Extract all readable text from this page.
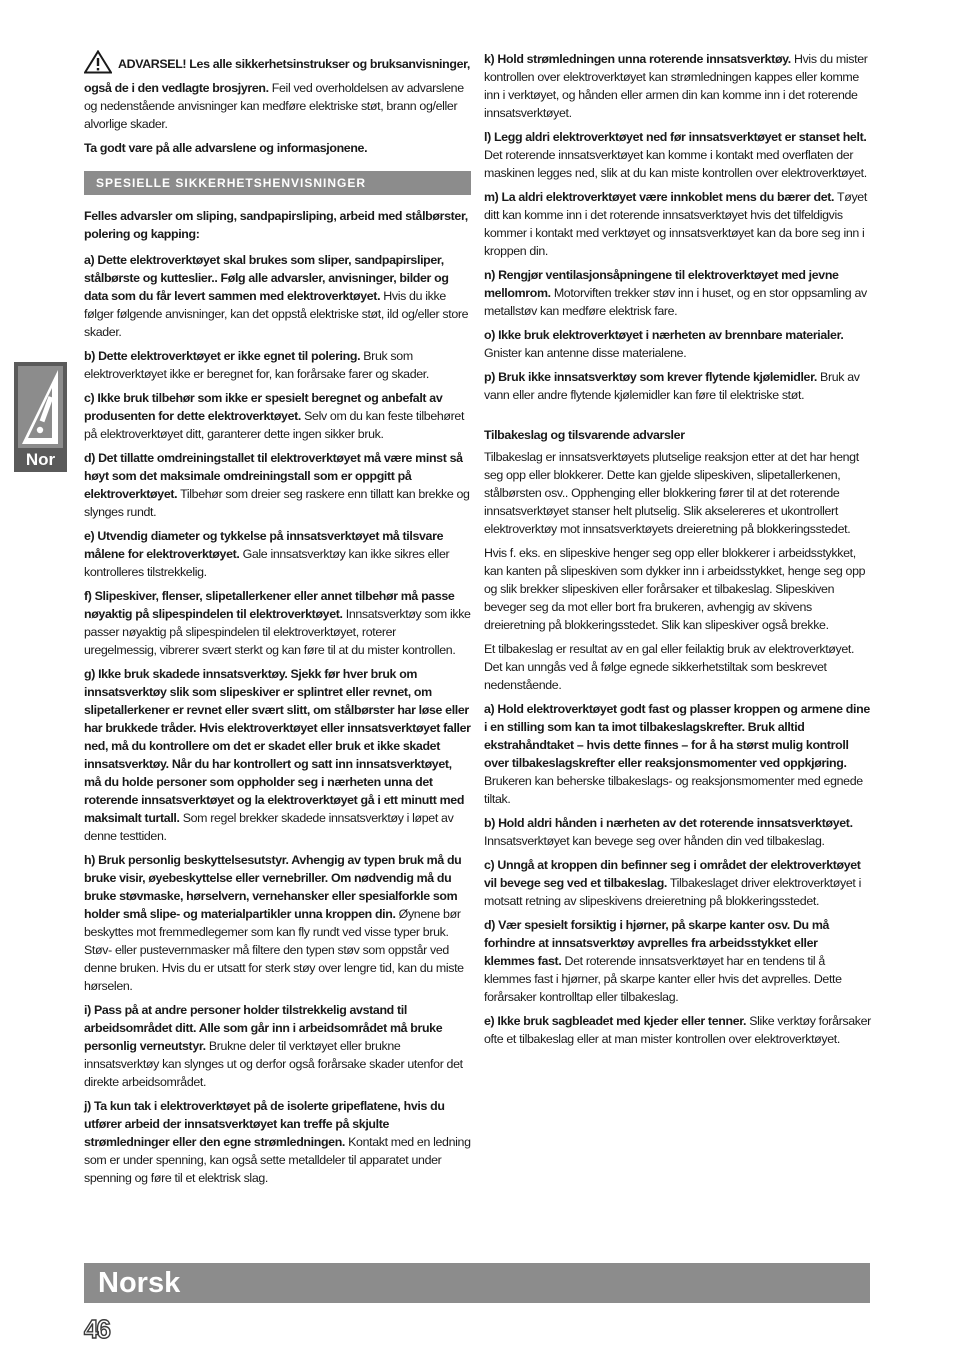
ADVARSEL! Les alle sikkerhetsinstrukser og bruksanvisninger, også de i den vedlagte brosjyren. Feil ved overholdelsen av advarslene og nedenstående anvisninger kan medføre elektriske støt, brann og/eller alvorlige skader.

Ta godt vare på alle advarslene og informasjonene.

SPESIELLE SIKKERHETSHENVISNINGER

Felles advarsler om sliping, sandpapirsliping, arbeid med stålbørster, polering og kapping:

a) Dette elektroverktøyet skal brukes som sliper, sandpapirsliper, stålbørste og kutteslier.. Følg alle advarsler, anvisninger, bilder og data som du får levert sammen med elektroverktøyet. Hvis du ikke følger følgende anvisninger, kan det oppstå elektriske støt, ild og/eller store skader.

b) Dette elektroverktøyet er ikke egnet til polering. Bruk som elektroverktøyet ikke er beregnet for, kan forårsake farer og skader.

c) Ikke bruk tilbehør som ikke er spesielt beregnet og anbefalt av produsenten for dette elektroverktøyet. Selv om du kan feste tilbehøret på elektroverktøyet ditt, garanterer dette ingen sikker bruk.

d) Det tillatte omdreiningstallet til elektroverktøyet må være minst så høyt som det maksimale omdreiningstall som er oppgitt på elektroverktøyet. Tilbehør som dreier seg raskere enn tillatt kan brekke og slynges rundt.

e) Utvendig diameter og tykkelse på innsatsverktøyet må tilsvare målene for elektroverktøyet. Gale innsatsverktøy kan ikke sikres eller kontrolleres tilstrekkelig.

f) Slipeskiver, flenser, slipetallerkener eller annet tilbehør må passe nøyaktig på slipespindelen til elektroverktøyet. Innsatsverktøy som ikke passer nøyaktig på slipespindelen til elektroverktøyet, roterer uregelmessig, vibrerer svært sterkt og kan føre til at du mister kontrollen.

g) Ikke bruk skadede innsatsverktøy. Sjekk før hver bruk om innsatsverktøy slik som slipeskiver er splintret eller revnet, om slipetallerkener er revnet eller svært slitt, om stålbørster har løse eller har brukkede tråder. Hvis elektroverktøyet eller innsatsverktøyet faller ned, må du kontrollere om det er skadet eller bruk et ikke skadet innsatsverktøy. Når du har kontrollert og satt inn innsatsverktøyet, må du holde personer som oppholder seg i nærheten unna det roterende innsatsverktøyet og la elektroverktøyet gå i ett minutt med maksimalt turtall. Som regel brekker skadede innsatsverktøy i løpet av denne testtiden.

h) Bruk personlig beskyttelsesutstyr. Avhengig av typen bruk må du bruke visir, øyebeskyttelse eller vernebriller. Om nødvendig må du bruke støvmaske, hørselvern, vernehansker eller spesialforkle som holder små slipe- og materialpartikler unna kroppen din. Øynene bør beskyttes mot fremmedlegemer som kan fly rundt ved visse typer bruk. Støv- eller pustevernmasker må filtere den typen støv som oppstår ved denne bruken. Hvis du er utsatt for sterk støy over lengre tid, kan du miste hørselen.

i) Pass på at andre personer holder tilstrekkelig avstand til arbeidsområdet ditt. Alle som går inn i arbeidsområdet må bruke personlig verneutstyr. Brukne deler til verktøyet eller brukne innsatsverktøy kan slynges ut og derfor også forårsake skader utenfor det direkte arbeidsområdet.

j) Ta kun tak i elektroverktøyet på de isolerte gripeflatene, hvis du utfører arbeid der innsatsverktøyet kan treffe på skjulte strømledninger eller den egne strømledningen. Kontakt med en ledning som er under spenning, kan også sette metalldeler til apparatet under spenning og føre til et elektrisk slag.

k) Hold strømledningen unna roterende innsatsverktøy. Hvis du mister kontrollen over elektroverktøyet kan strømledningen kappes eller komme inn i verktøyet, og hånden eller armen din kan komme inn i det roterende innsatsverktøyet.

l) Legg aldri elektroverktøyet ned før innsatsverktøyet er stanset helt. Det roterende innsatsverktøyet kan komme i kontakt med overflaten der maskinen legges ned, slik at du kan miste kontrollen over elektroverktøyet.

m) La aldri elektroverktøyet være innkoblet mens du bærer det. Tøyet ditt kan komme inn i det roterende innsatsverktøyet hvis det tilfeldigvis kommer i kontakt med verktøyet og innsatsverktøyet kan da bore seg inn i kroppen din.

n) Rengjør ventilasjonsåpningene til elektroverktøyet med jevne mellomrom. Motorviften trekker støv inn i huset, og en stor oppsamling av metallstøv kan medføre elektrisk fare.

o) Ikke bruk elektroverktøyet i nærheten av brennbare materialer. Gnister kan antenne disse materialene.

p) Bruk ikke innsatsverktøy som krever flytende kjølemidler. Bruk av vann eller andre flytende kjølemidler kan føre til elektriske støt.

Tilbakeslag og tilsvarende advarsler

Tilbakeslag er innsatsverktøyets plutselige reaksjon etter at det har hengt seg opp eller blokkerer. Dette kan gjelde slipeskiven, slipetallerkenen, stålbørsten osv.. Opphenging eller blokkering fører til at det roterende innsatsverktøyet stanser helt plutselig. Slik akselereres et ukontrollert elektroverktøy mot innsatsverktøyets dreieretning på blokkeringsstedet.

Hvis f. eks. en slipeskive henger seg opp eller blokkerer i arbeidsstykket, kan kanten på slipeskiven som dykker inn i arbeidsstykket, henge seg opp og slik brekker slipeskiven eller forårsaker et tilbakeslag. Slipeskiven beveger seg da mot eller bort fra brukeren, avhengig av skivens dreieretning på blokkeringsstedet. Slik kan slipeskiver også brekke.

Et tilbakeslag er resultat av en gal eller feilaktig bruk av elektroverktøyet. Det kan unngås ved å følge egnede sikkerhetstiltak som beskrevet nedenstående.

a) Hold elektroverktøyet godt fast og plasser kroppen og armene dine i en stilling som kan ta imot tilbakeslagskrefter. Bruk alltid ekstrahåndtaket – hvis dette finnes – for å ha størst mulig kontroll over tilbakeslagskrefter eller reaksjonsmomenter ved oppkjøring. Brukeren kan beherske tilbakeslags- og reaksjonsmomenter med egnede tiltak.

b) Hold aldri hånden i nærheten av det roterende innsatsverktøyet. Innsatsverktøyet kan bevege seg over hånden din ved tilbakeslag.

c) Unngå at kroppen din befinner seg i området der elektroverktøyet vil bevege seg ved et tilbakeslag. Tilbakeslaget driver elektroverktøyet i motsatt retning av slipeskivens dreieretning på blokkeringsstedet.

d) Vær spesielt forsiktig i hjørner, på skarpe kanter osv. Du må forhindre at innsatsverktøy avprelles fra arbeidsstykket eller klemmes fast. Det roterende innsatsverktøyet har en tendens til å klemmes fast i hjørner, på skarpe kanter eller hvis det avprelles. Dette forårsaker kontrolltap eller tilbakeslag.

e) Ikke bruk sagbleadet med kjeder eller tenner. Slike verktøy forårsaker ofte et tilbakeslag eller at man mister kontrollen over elektroverktøyet.

Nor
Norsk
46
